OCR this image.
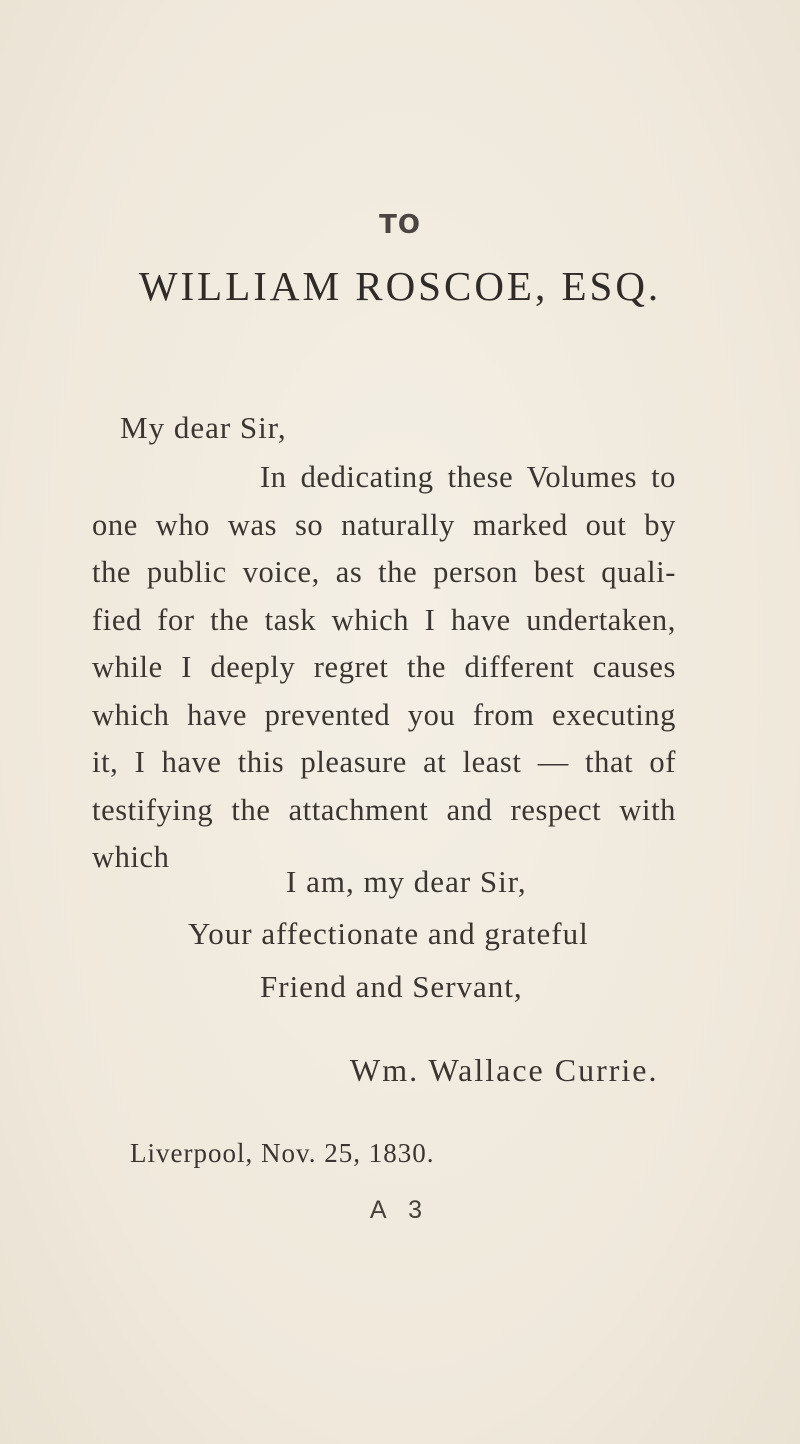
TO
WILLIAM ROSCOE, ESQ.
My dear Sir,
In dedicating these Volumes to
one who was so naturally marked out by
the public voice, as the person best quali-
fied for the task which I have undertaken,
while I deeply regret the different causes
which have prevented you from executing
it, I have this pleasure at least — that of
testifying the attachment and respect with
which
I am, my dear Sir,
Your affectionate and grateful
Friend and Servant,
Wm. Wallace Currie.
Liverpool, Nov. 25, 1830.
A 3
